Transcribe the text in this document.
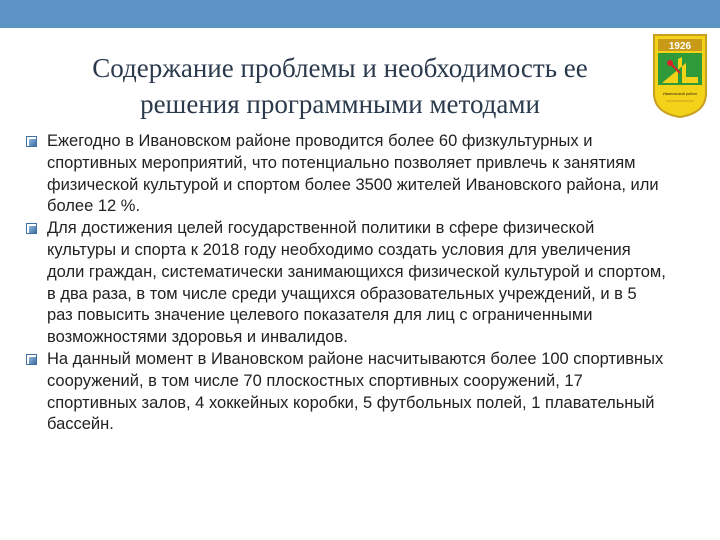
Содержание проблемы и необходимость ее
решения программными методами
1926
Ивановский район
Ежегодно в Ивановском районе проводится более 60 физкультурных и спортивных мероприятий, что потенциально позволяет привлечь к занятиям физической культурой и спортом более 3500 жителей Ивановского района, или более 12 %.
Для достижения целей государственной политики в сфере физической культуры и спорта к 2018 году необходимо создать условия для увеличения доли граждан, систематически занимающихся физической культурой и спортом, в два раза, в том числе среди учащихся образовательных учреждений, и в 5 раз повысить значение целевого показателя для лиц с ограниченными возможностями здоровья и инвалидов.
На данный момент в Ивановском районе насчитываются более 100 спортивных сооружений, в том числе 70 плоскостных спортивных сооружений, 17 спортивных залов, 4 хоккейных коробки, 5 футбольных полей, 1 плавательный бассейн.
